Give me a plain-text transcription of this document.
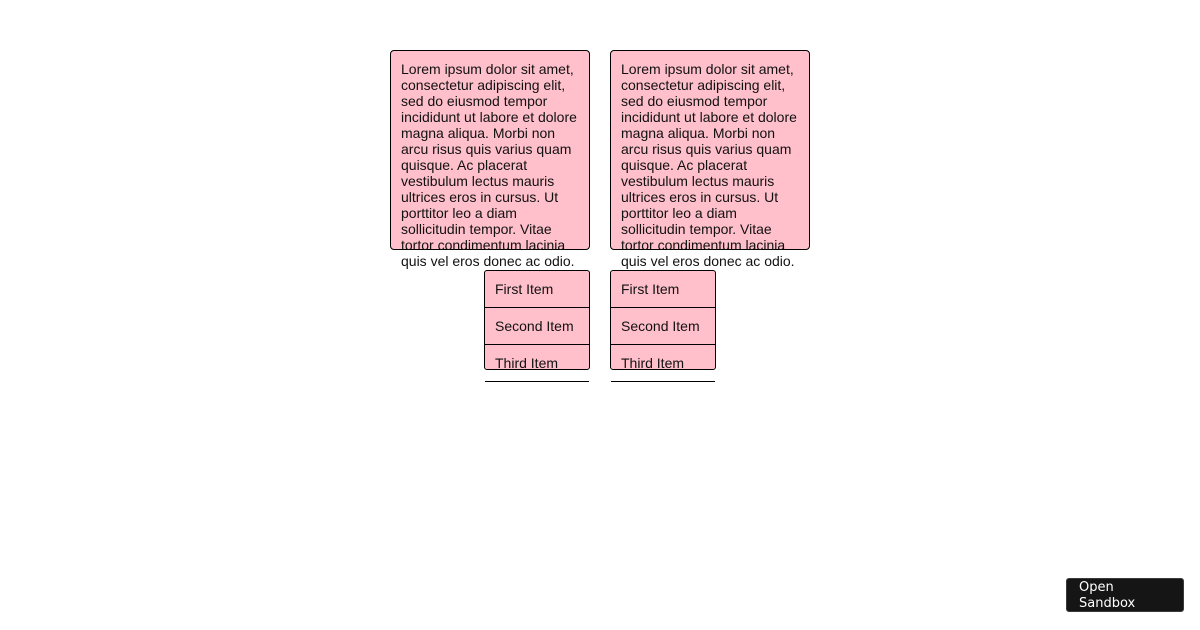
Lorem ipsum dolor sit amet, consectetur adipiscing elit, sed do eiusmod tempor incididunt ut labore et dolore magna aliqua. Morbi non arcu risus quis varius quam quisque. Ac placerat vestibulum lectus mauris ultrices eros in cursus. Ut porttitor leo a diam sollicitudin tempor. Vitae tortor condimentum lacinia quis vel eros donec ac odio.
Lorem ipsum dolor sit amet, consectetur adipiscing elit, sed do eiusmod tempor incididunt ut labore et dolore magna aliqua. Morbi non arcu risus quis varius quam quisque. Ac placerat vestibulum lectus mauris ultrices eros in cursus. Ut porttitor leo a diam sollicitudin tempor. Vitae tortor condimentum lacinia quis vel eros donec ac odio.
First Item
Second Item
Third Item
First Item
Second Item
Third Item
Open Sandbox
